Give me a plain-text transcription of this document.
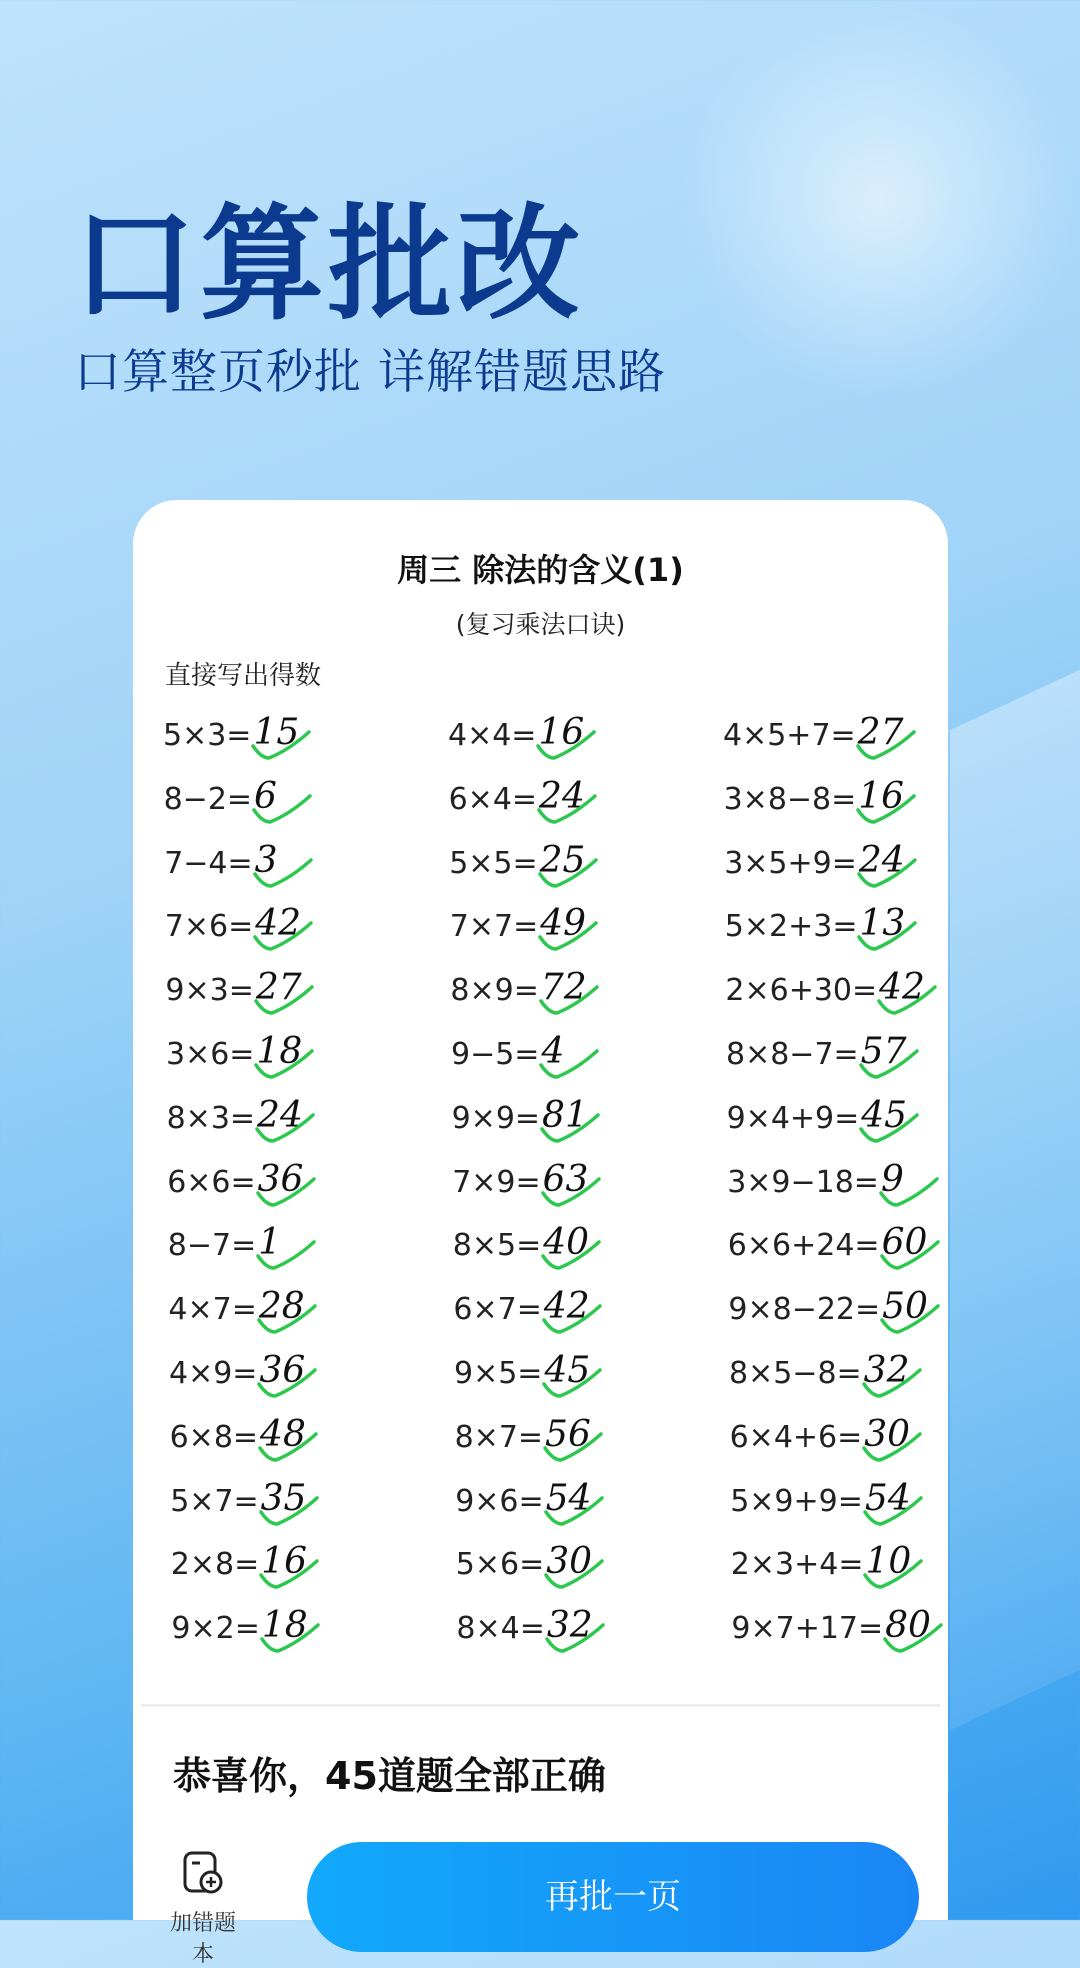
口算批改
口算整页秒批 详解错题思路
周三 除法的含义(1)
(复习乘法口诀)
直接写出得数
5×3= 15
8−2= 6
7−4= 3
7×6= 42
9×3= 27
3×6= 18
8×3= 24
6×6= 36
8−7= 1
4×7= 28
4×9= 36
6×8= 48
5×7= 35
2×8= 16
9×2= 18
4×4= 16
6×4= 24
5×5= 25
7×7= 49
8×9= 72
9−5= 4
9×9= 81
7×9= 63
8×5= 40
6×7= 42
9×5= 45
8×7= 56
9×6= 54
5×6= 30
8×4= 32
4×5+7= 27
3×8−8= 16
3×5+9= 24
5×2+3= 13
2×6+30= 42
8×8−7= 57
9×4+9= 45
3×9−18= 9
6×6+24= 60
9×8−22= 50
8×5−8= 32
6×4+6= 30
5×9+9= 54
2×3+4= 10
9×7+17= 80
恭喜你，45道题全部正确
加错题本
再批一页
